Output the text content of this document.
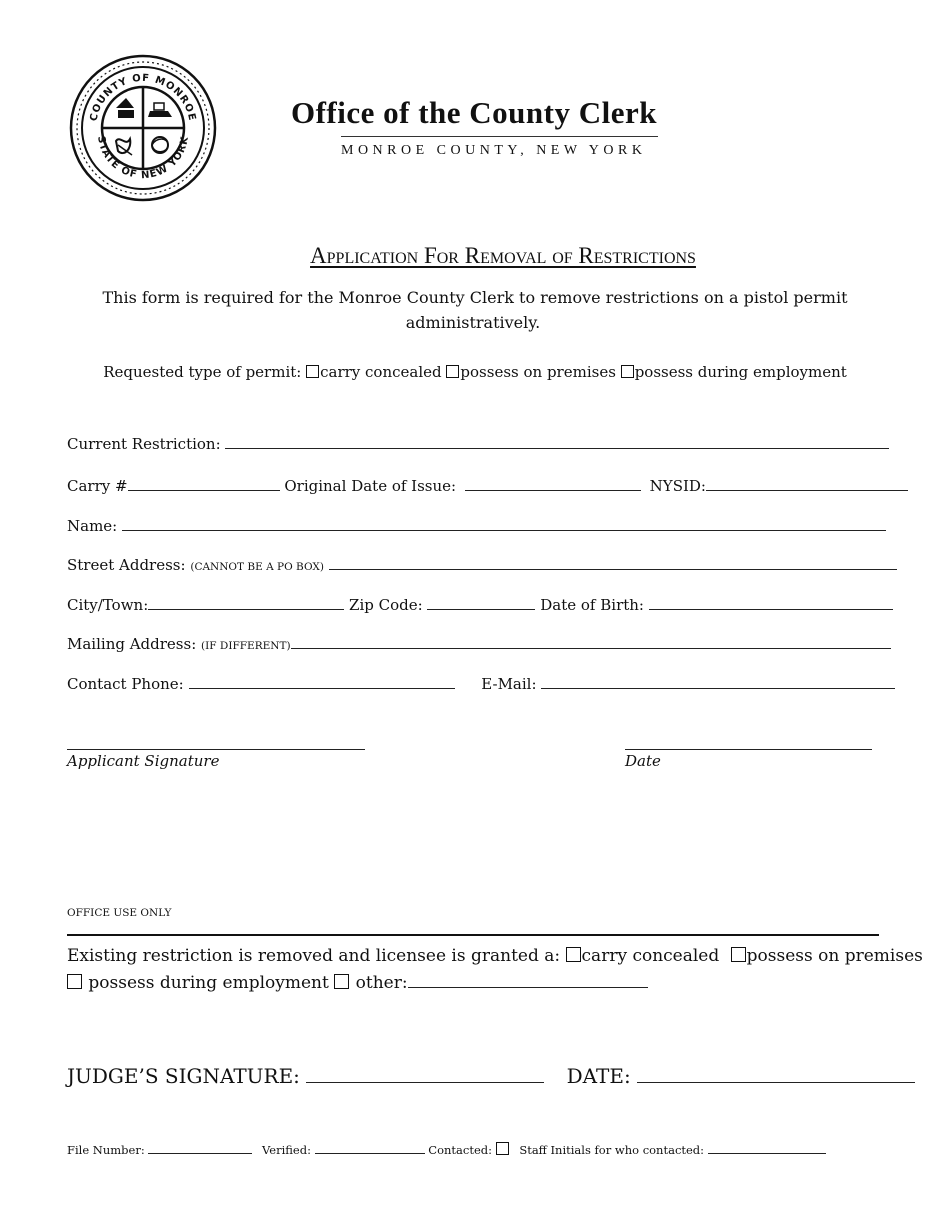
COUNTY OF MONROE
STATE OF NEW YORK
Office of the County Clerk
MONROE COUNTY, NEW YORK
Application For Removal of Restrictions
This form is required for the Monroe County Clerk to remove restrictions on a pistol permit
administratively.
Requested type of permit: carry concealed possess on premises possess during employment
Current Restriction:
Carry #	Original Date of Issue:	NYSID:
Name:
Street Address: (CANNOT BE A PO BOX)
City/Town:	Zip Code:	Date of Birth:
Mailing Address: (IF DIFFERENT)
Contact Phone:	E-Mail:
Applicant Signature	Date
OFFICE USE ONLY
Existing restriction is removed and licensee is granted a: carry concealed possess on premises
possess during employment other:
JUDGE’S SIGNATURE:	DATE:
File Number:	Verified:	Contacted: Staff Initials for who contacted:
